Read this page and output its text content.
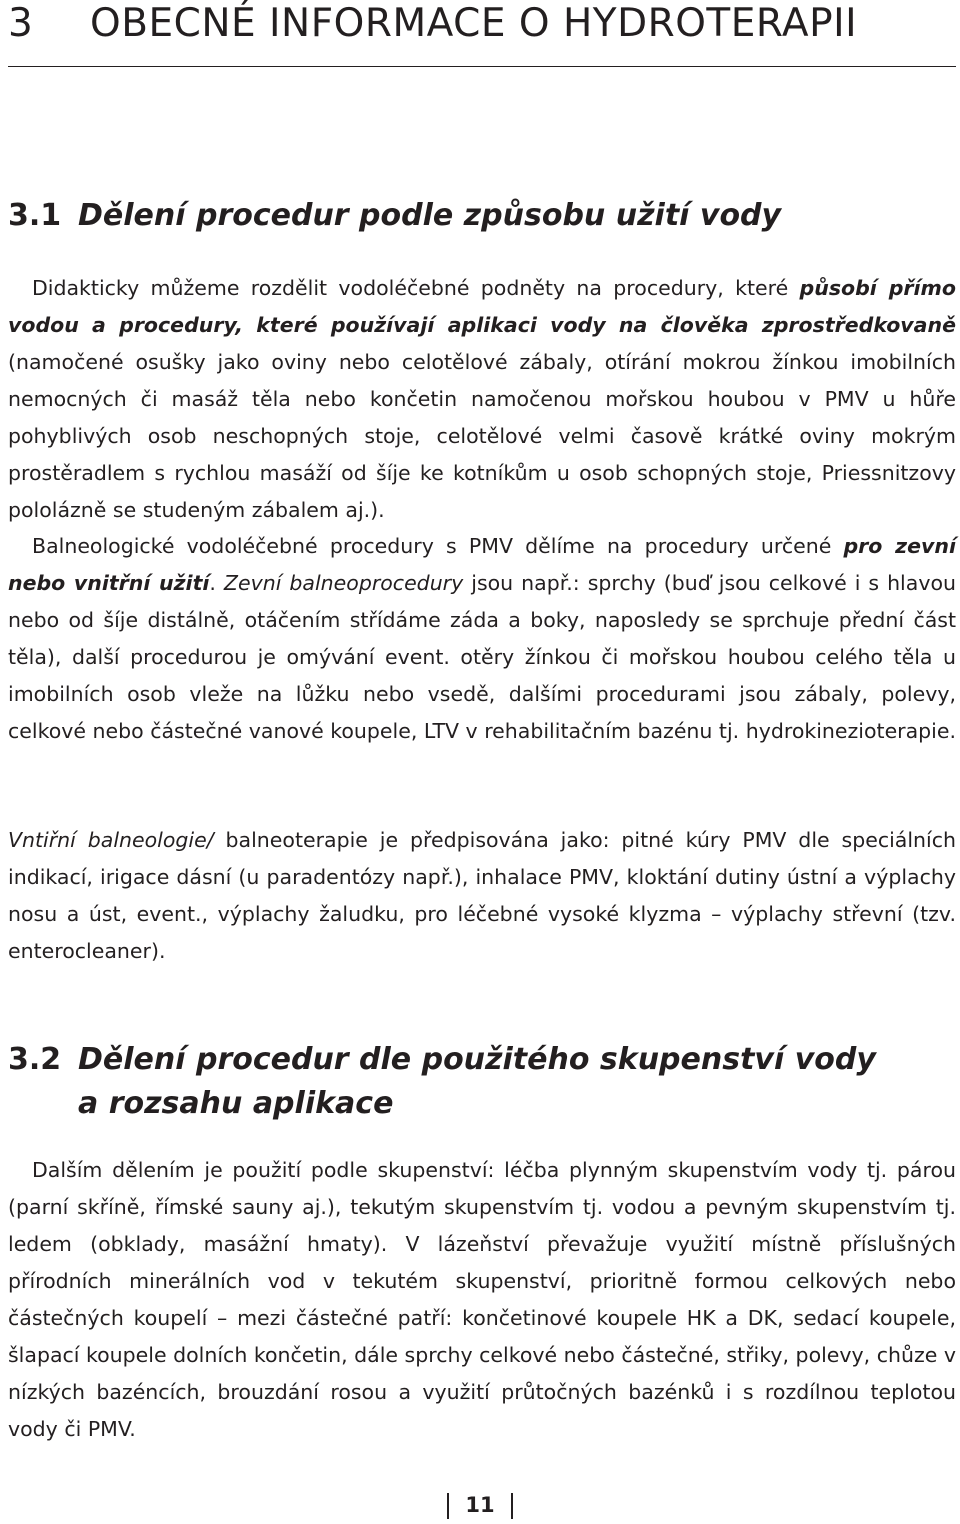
3 OBECNÉ INFORMACE O HYDROTERAPII
3.1 Dělení procedur podle způsobu užití vody

Didakticky můžeme rozdělit vodoléčebné podněty na procedury, které působí přímo vodou a procedury, které používají aplikaci vody na člověka zprostředkovaně (namočené osušky jako oviny nebo celotělové zábaly, otírání mokrou žínkou imobilních nemocných či masáž těla nebo končetin namočenou mořskou houbou v PMV u hůře pohyblivých osob neschopných stoje, celotělové velmi časově krátké oviny mokrým prostěradlem s rychlou masáží od šíje ke kotníkům u osob schopných stoje, Priessnitzovy pololázně se studeným zábalem aj.).

Balneologické vodoléčebné procedury s PMV dělíme na procedury určené pro zevní nebo vnitřní užití. Zevní balneoprocedury jsou např.: sprchy (buď jsou celkové i s hlavou nebo od šíje distálně, otáčením střídáme záda a boky, naposledy se sprchuje přední část těla), další procedurou je omývání event. otěry žínkou či mořskou houbou celého těla u imobilních osob vleže na lůžku nebo vsedě, dalšími procedurami jsou zábaly, polevy, celkové nebo částečné vanové koupele, LTV v rehabilitačním bazénu tj. hydrokinezioterapie.

Vntiřní balneologie/ balneoterapie je předpisována jako: pitné kúry PMV dle speciálních indikací, irigace dásní (u paradentózy např.), inhalace PMV, kloktání dutiny ústní a výplachy nosu a úst, event., výplachy žaludku, pro léčebné vysoké klyzma – výplachy střevní (tzv. enterocleaner).

3.2 Dělení procedur dle použitého skupenství vody
a rozsahu aplikace

Dalším dělením je použití podle skupenství: léčba plynným skupenstvím vody tj. párou (parní skříně, římské sauny aj.), tekutým skupenstvím tj. vodou a pevným skupenstvím tj. ledem (obklady, masážní hmaty). V lázeňství převažuje využití místně příslušných přírodních minerálních vod v tekutém skupenství, prioritně formou celkových nebo částečných koupelí – mezi částečné patří: končetinové koupele HK a DK, sedací koupele, šlapací koupele dolních končetin, dále sprchy celkové nebo částečné, střiky, polevy, chůze v nízkých bazéncích, brouzdání rosou a využití průtočných bazénků i s rozdílnou teplotou vody či PMV.

11
